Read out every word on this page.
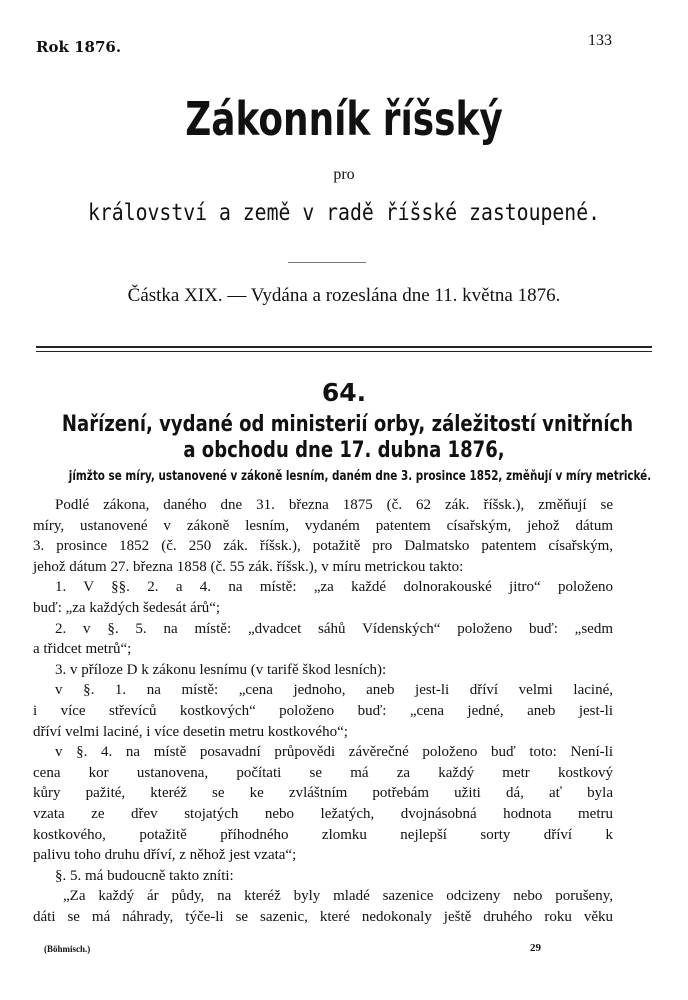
Rok 1876.	133
Zákonník říšský
pro
království a země v radě říšské zastoupené.
Částka XIX. — Vydána a rozeslána dne 11. května 1876.
64.
Nařízení, vydané od ministerií orby, záležitostí vnitřních
a obchodu dne 17. dubna 1876,
jímžto se míry, ustanovené v zákoně lesním, daném dne 3. prosince 1852, změňují v míry metrické.
Podlé zákona, daného dne 31. března 1875 (č. 62 zák. říšsk.), změňují se
míry, ustanovené v zákoně lesním, vydaném patentem císařským, jehož dátum
3. prosince 1852 (č. 250 zák. říšsk.), potažitě pro Dalmatsko patentem císařským,
jehož dátum 27. března 1858 (č. 55 zák. říšsk.), v míru metrickou takto:
1. V §§. 2. a 4. na místě: „za každé dolnorakouské jitro“ položeno
buď: „za každých šedesát árů“;
2. v §. 5. na místě: „dvadcet sáhů Vídenských“ položeno buď: „sedm
a třidcet metrů“;
3. v příloze D k zákonu lesnímu (v tarifě škod lesních):
v §. 1. na místě: „cena jednoho, aneb jest-li dříví velmi laciné,
i více střevíců kostkových“ položeno buď: „cena jedné, aneb jest-li
dříví velmi laciné, i více desetin metru kostkového“;
v §. 4. na místě posavadní průpovědi závěrečné položeno buď toto: Není-li
cena kor ustanovena, počítati se má za každý metr kostkový
kůry pažité, kteréž se ke zvláštním potřebám užiti dá, ať byla
vzata ze dřev stojatých nebo ležatých, dvojnásobná hodnota metru
kostkového, potažitě příhodného zlomku nejlepší sorty dříví k
palivu toho druhu dříví, z něhož jest vzata“;
§. 5. má budoucně takto zníti:
„Za každý ár půdy, na kteréž byly mladé sazenice odcizeny nebo porušeny,
dáti se má náhrady, týče-li se sazenic, které nedokonaly ještě druhého roku věku
(Böhmisch.)	29
